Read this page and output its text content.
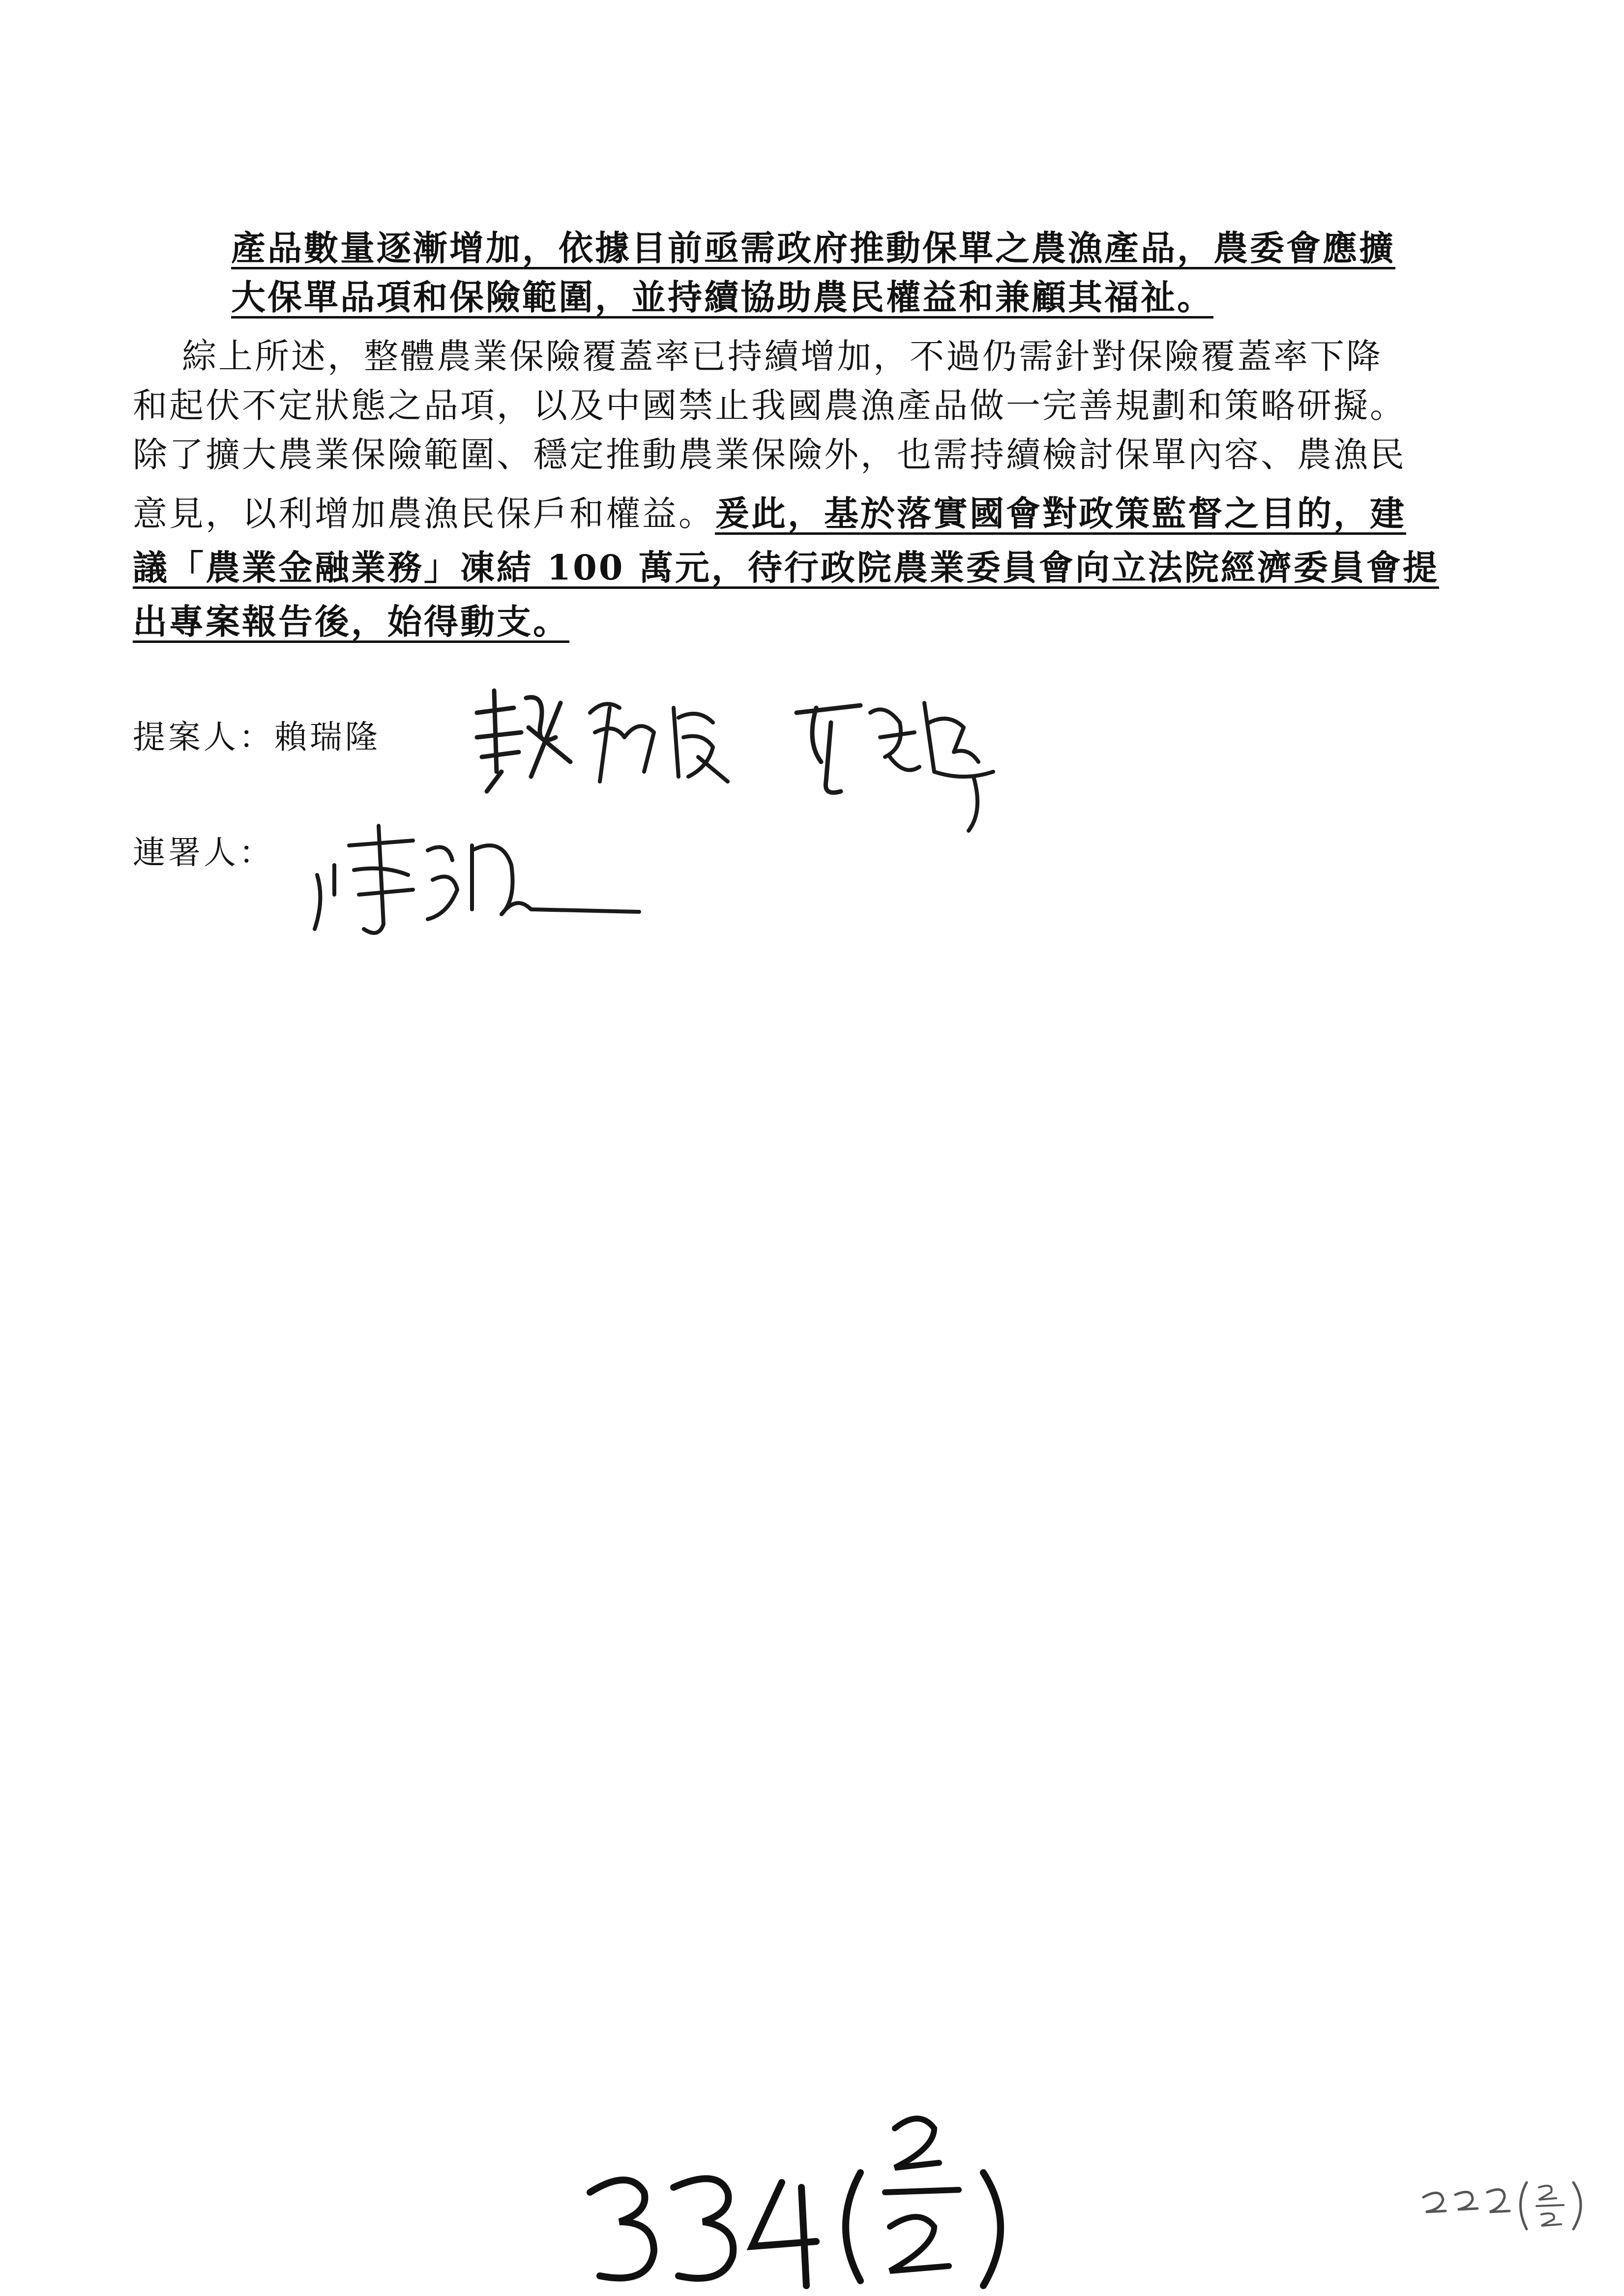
產品數量逐漸增加，依據目前亟需政府推動保單之農漁產品，農委會應擴
大保單品項和保險範圍，並持續協助農民權益和兼顧其福祉。
綜上所述，整體農業保險覆蓋率已持續增加，不過仍需針對保險覆蓋率下降
和起伏不定狀態之品項，以及中國禁止我國農漁產品做一完善規劃和策略研擬。
除了擴大農業保險範圍、穩定推動農業保險外，也需持續檢討保單內容、農漁民
意見，以利增加農漁民保戶和權益。爰此，基於落實國會對政策監督之目的，建
議「農業金融業務」凍結 100 萬元，待行政院農業委員會向立法院經濟委員會提
出專案報告後，始得動支。
提案人：賴瑞隆
連署人：
